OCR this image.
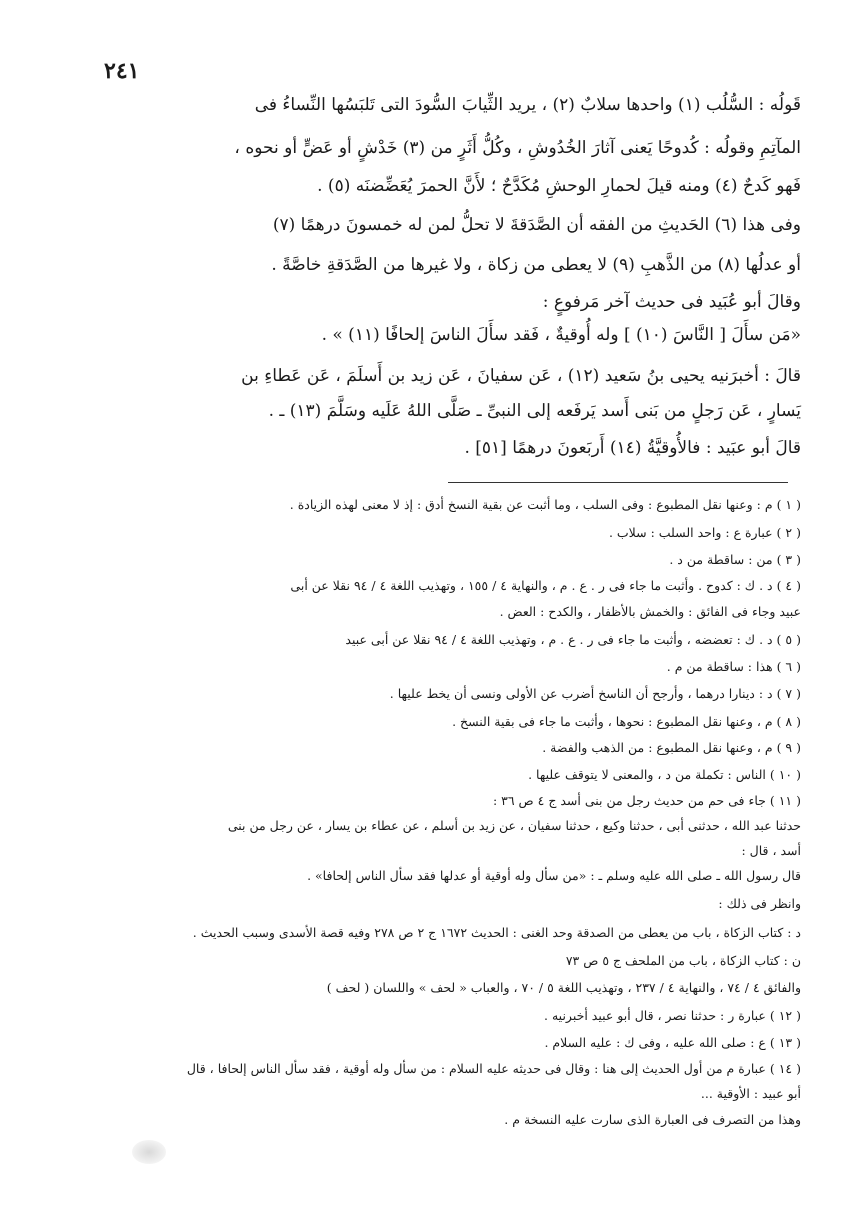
٢٤١
قَولُه : السُّلُب (١) واحدها سلابٌ (٢) ، يريد الثِّيابَ السُّودَ التى تَلبَسُها النِّساءُ فى
المآتِمِ وقولُه : كُدوحًا يَعنى آثارَ الخُدُوشِ ، وكُلُّ أَثَرٍ من (٣) خَدْشٍ أو عَضٍّ أو نحوه ،
فَهو كَدحٌ (٤) ومنه قيلَ لحمارِ الوحشِ مُكَدَّحٌ ؛ لأَنَّ الحمرَ يُعَضِّضنَه (٥) .
وفى هذا (٦) الحَديثِ من الفقه أن الصَّدَقةَ لا تحلُّ لمن له خمسونَ درهمًا (٧)
أو عدلُها (٨) من الذَّهبِ (٩) لا يعطى من زكاة ، ولا غيرها من الصَّدَقةِ خاصَّةً .
وقالَ أبو عُبَيد فى حديث آخر مَرفوعٍ :
«مَن سأَلَ [ النَّاسَ (١٠) ] وله أُوقيةٌ ، فَقد سأَلَ الناسَ إلحافًا (١١) » .
قالَ : أخبرَنيه يحيى بنُ سَعيد (١٢) ، عَن سفيانَ ، عَن زيد بن أَسلَمَ ، عَن عَطاءِ بن
يَسارٍ ، عَن رَجلٍ من بَنى أَسد يَرفَعه إلى النبىِّ ـ صَلَّى اللهُ عَلَيه وسَلَّمَ (١٣) ـ .
قالَ أبو عبَيد : فالأُوقيَّةُ (١٤) أَربَعونَ درهمًا [٥١] .
( ١ ) م : وعنها نقل المطبوع : وفى السلب ، وما أثبت عن بقية النسخ أدق : إذ لا معنى لهذه الزيادة .
( ٢ ) عبارة ع : واحد السلب : سلاب .
( ٣ ) من : ساقطة من د .
( ٤ ) د . ك : كدوح . وأثبت ما جاء فى ر . ع . م ، والنهاية ٤ / ١٥٥ ، وتهذيب اللغة ٤ / ٩٤ نقلا عن أبى
عبيد وجاء فى الفائق : والخمش بالأظفار ، والكدح : العض .
( ٥ ) د . ك : تعضضه ، وأثبت ما جاء فى ر . ع . م ، وتهذيب اللغة ٤ / ٩٤ نقلا عن أبى عبيد
( ٦ ) هذا : ساقطة من م .
( ٧ ) د : دينارا درهما ، وأرجح أن الناسخ أضرب عن الأولى ونسى أن يخط عليها .
( ٨ ) م ، وعنها نقل المطبوع : نحوها ، وأثبت ما جاء فى بقية النسخ .
( ٩ ) م ، وعنها نقل المطبوع : من الذهب والفضة .
( ١٠ ) الناس : تكملة من د ، والمعنى لا يتوقف عليها .
( ١١ ) جاء فى حم من حديث رجل من بنى أسد ج ٤ ص ٣٦ :
حدثنا عبد الله ، حدثنى أبى ، حدثنا وكيع ، حدثنا سفيان ، عن زيد بن أسلم ، عن عطاء بن يسار ، عن رجل من بنى
أسد ، قال :
قال رسول الله ـ صلى الله عليه وسلم ـ : «من سأل وله أوقية أو عدلها فقد سأل الناس إلحافا» .
وانظر فى ذلك :
د : كتاب الزكاة ، باب من يعطى من الصدقة وحد الغنى : الحديث ١٦٧٢ ج ٢ ص ٢٧٨ وفيه قصة الأسدى وسبب الحديث .
ن : كتاب الزكاة ، باب من الملحف ج ٥ ص ٧٣
والفائق ٤ / ٧٤ ، والنهاية ٤ / ٢٣٧ ، وتهذيب اللغة ٥ / ٧٠ ، والعباب « لحف » واللسان ( لحف )
( ١٢ ) عبارة ر : حدثنا نصر ، قال أبو عبيد أخبرنيه .
( ١٣ ) ع : صلى الله عليه ، وفى ك : عليه السلام .
( ١٤ ) عبارة م من أول الحديث إلى هنا : وقال فى حديثه عليه السلام : من سأل وله أوقية ، فقد سأل الناس إلحافا ، قال
أبو عبيد : الأوقية ...
وهذا من التصرف فى العبارة الذى سارت عليه النسخة م .
